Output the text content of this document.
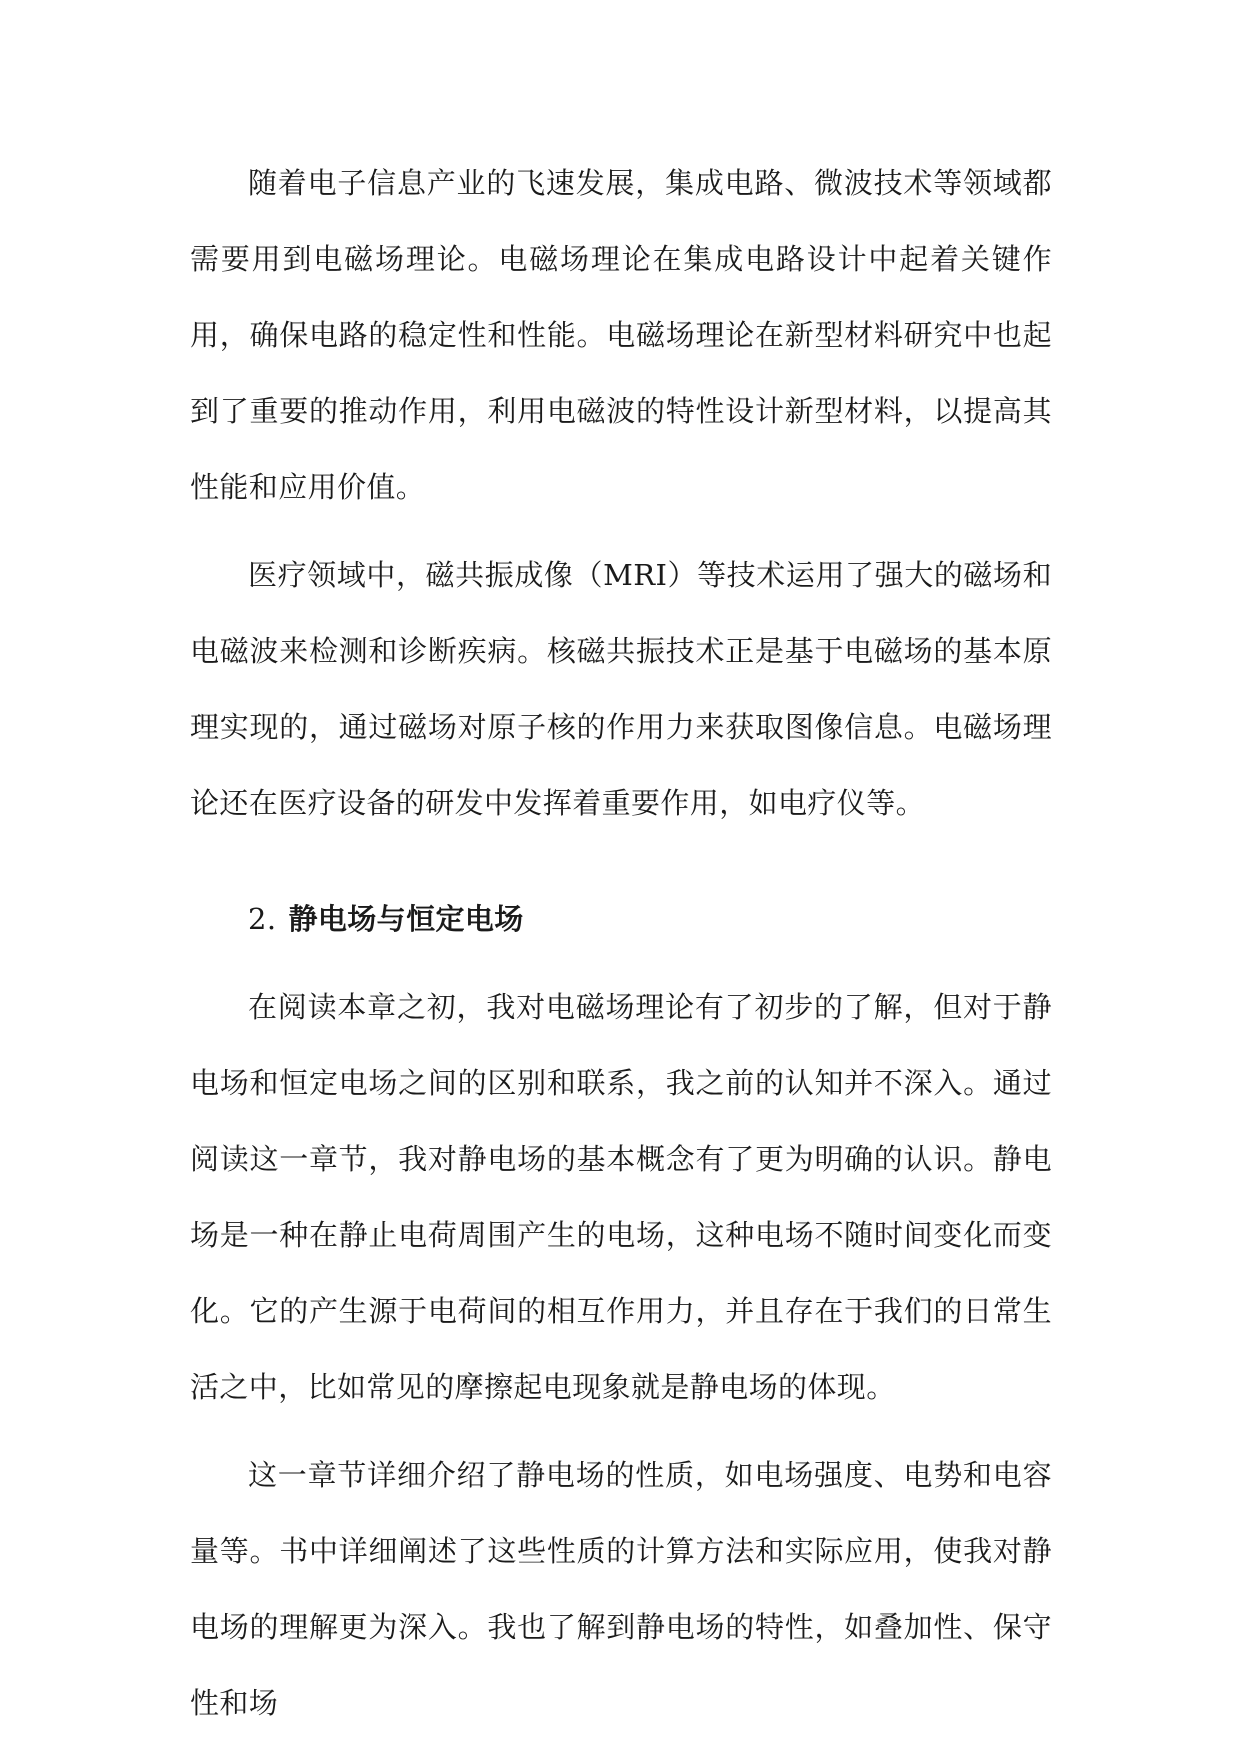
随着电子信息产业的飞速发展，集成电路、微波技术等领域都需要用到电磁场理论。电磁场理论在集成电路设计中起着关键作用，确保电路的稳定性和性能。电磁场理论在新型材料研究中也起到了重要的推动作用，利用电磁波的特性设计新型材料，以提高其性能和应用价值。

医疗领域中，磁共振成像（MRI）等技术运用了强大的磁场和电磁波来检测和诊断疾病。核磁共振技术正是基于电磁场的基本原理实现的，通过磁场对原子核的作用力来获取图像信息。电磁场理论还在医疗设备的研发中发挥着重要作用，如电疗仪等。

2. 静电场与恒定电场

在阅读本章之初，我对电磁场理论有了初步的了解，但对于静电场和恒定电场之间的区别和联系，我之前的认知并不深入。通过阅读这一章节，我对静电场的基本概念有了更为明确的认识。静电场是一种在静止电荷周围产生的电场，这种电场不随时间变化而变化。它的产生源于电荷间的相互作用力，并且存在于我们的日常生活之中，比如常见的摩擦起电现象就是静电场的体现。

这一章节详细介绍了静电场的性质，如电场强度、电势和电容量等。书中详细阐述了这些性质的计算方法和实际应用，使我对静电场的理解更为深入。我也了解到静电场的特性，如叠加性、保守性和场
